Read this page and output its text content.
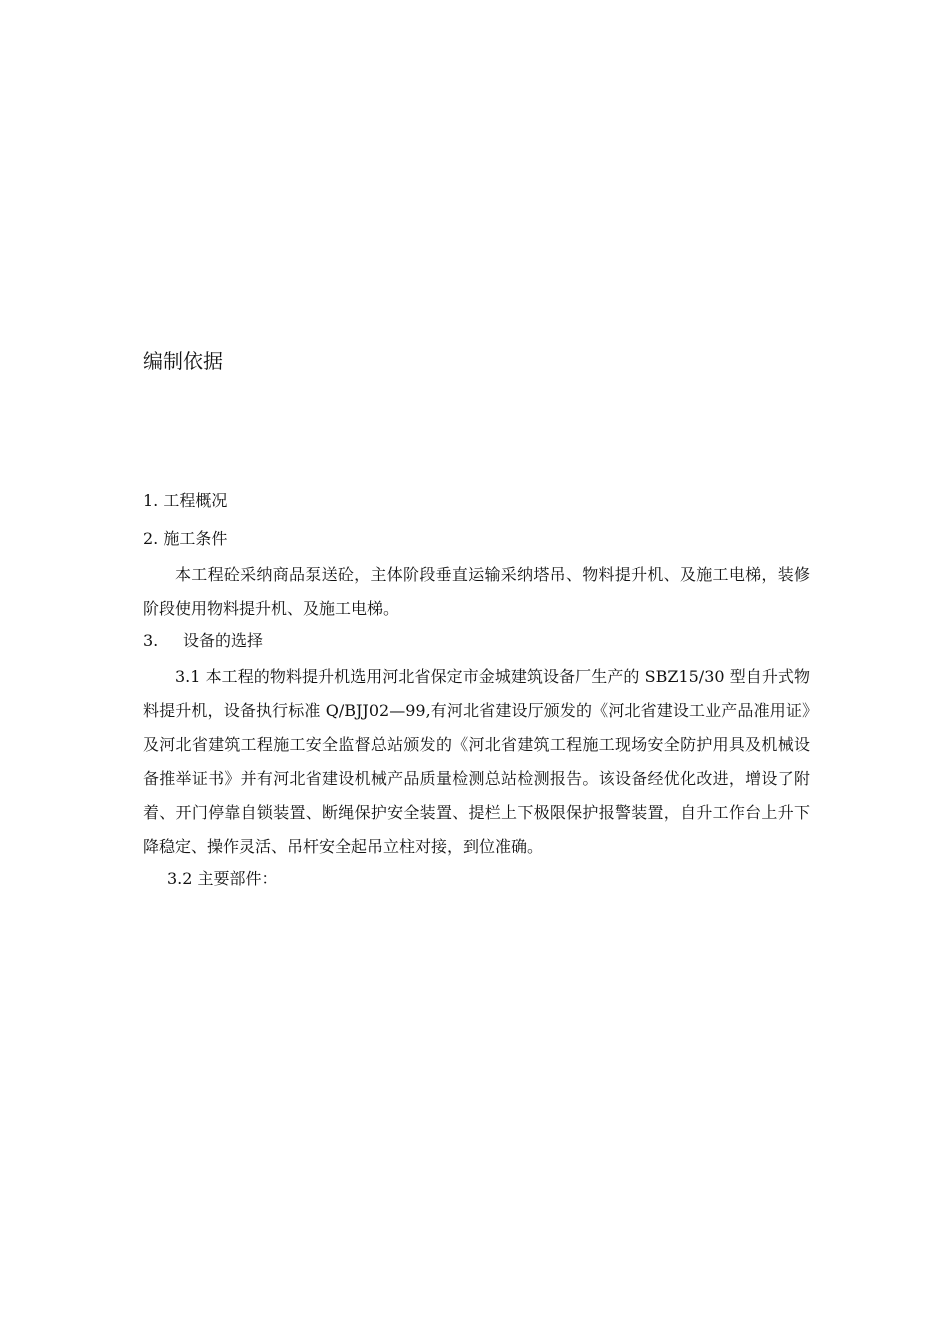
编制依据

1. 工程概况

2. 施工条件

本工程砼采纳商品泵送砼，主体阶段垂直运输采纳塔吊、物料提升机、及施工电梯，装修阶段使用物料提升机、及施工电梯。

3. 设备的选择

3.1 本工程的物料提升机选用河北省保定市金城建筑设备厂生产的 SBZ15/30 型自升式物料提升机，设备执行标准 Q/BJJ02—99,有河北省建设厅颁发的《河北省建设工业产品准用证》及河北省建筑工程施工安全监督总站颁发的《河北省建筑工程施工现场安全防护用具及机械设备推举证书》并有河北省建设机械产品质量检测总站检测报告。该设备经优化改进，增设了附着、开门停靠自锁装置、断绳保护安全装置、提栏上下极限保护报警装置，自升工作台上升下降稳定、操作灵活、吊杆安全起吊立柱对接，到位准确。

3.2 主要部件：
